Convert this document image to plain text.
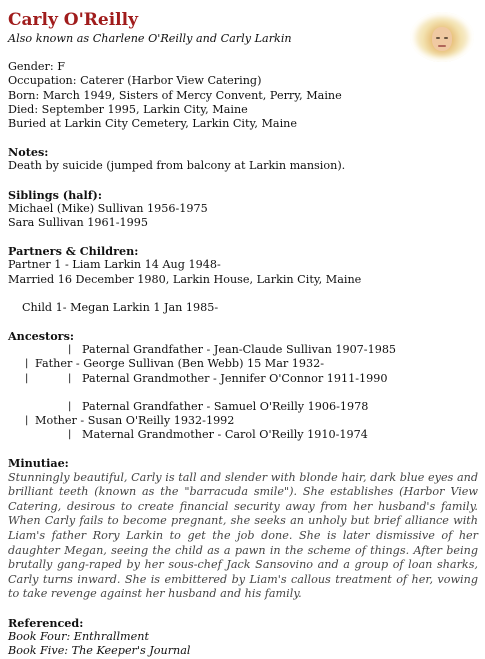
Carly O'Reilly

Also known as Charlene O'Reilly and Carly Larkin

Gender: F

Occupation: Caterer (Harbor View Catering)

Born: March 1949, Sisters of Mercy Convent, Perry, Maine

Died: September 1995, Larkin City, Maine

Buried at Larkin City Cemetery, Larkin City, Maine

Notes:

Death by suicide (jumped from balcony at Larkin mansion).

Siblings (half):

Michael (Mike) Sullivan 1956-1975

Sara Sullivan 1961-1995

Partners & Children:

Partner 1 - Liam Larkin 14 Aug 1948-

Married 16 December 1980, Larkin House, Larkin City, Maine

Child 1- Megan Larkin 1 Jan 1985-

Ancestors:

| Paternal Grandfather - Jean-Claude Sullivan 1907-1985
| Father - George Sullivan (Ben Webb) 15 Mar 1932-
|	| Paternal Grandmother - Jennifer O'Connor 1911-1990
| Paternal Grandfather - Samuel O'Reilly 1906-1978
| Mother - Susan O'Reilly 1932-1992
| Maternal Grandmother - Carol O'Reilly 1910-1974

Minutiae:

Stunningly beautiful, Carly is tall and slender with blonde hair, dark blue eyes and brilliant teeth (known as the "barracuda smile"). She establishes (Harbor View Catering, desirous to create financial security away from her husband's family. When Carly fails to become pregnant, she seeks an unholy but brief alliance with Liam's father Rory Larkin to get the job done. She is later dismissive of her daughter Megan, seeing the child as a pawn in the scheme of things. After being brutally gang-raped by her sous-chef Jack Sansovino and a group of loan sharks, Carly turns inward. She is embittered by Liam's callous treatment of her, vowing to take revenge against her husband and his family.

Referenced:

Book Four: Enthrallment

Book Five: The Keeper's Journal
